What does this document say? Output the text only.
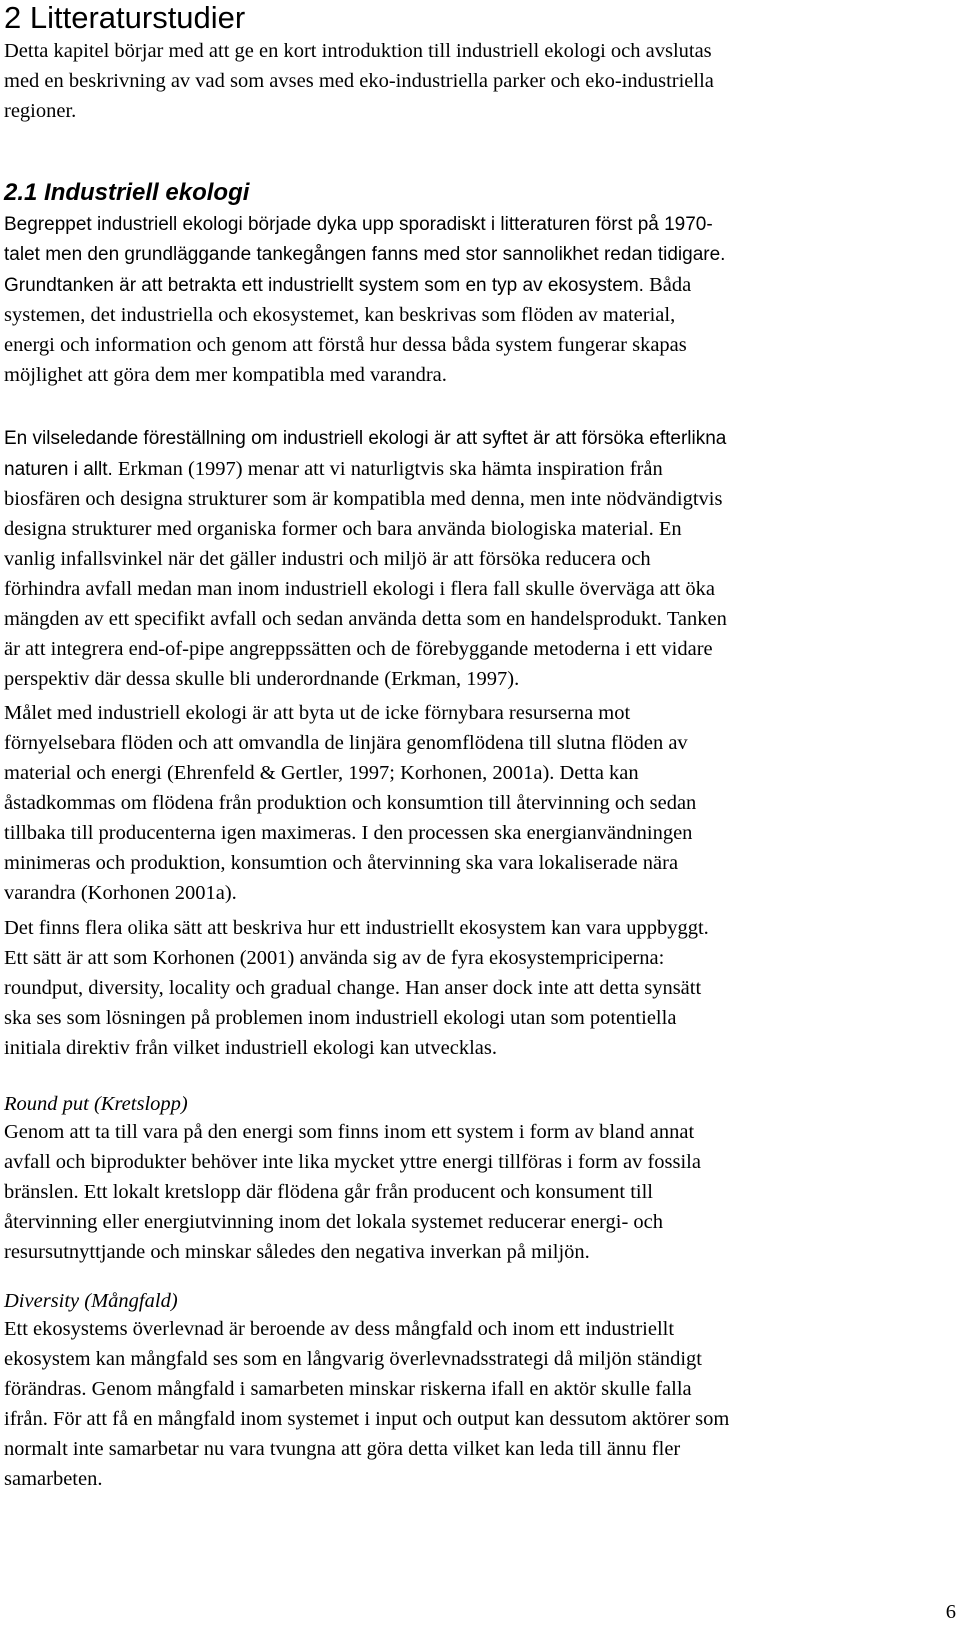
2 Litteraturstudier

Detta kapitel börjar med att ge en kort introduktion till industriell ekologi och avslutas
med en beskrivning av vad som avses med eko-industriella parker och eko-industriella
regioner.

2.1 Industriell ekologi

Begreppet industriell ekologi började dyka upp sporadiskt i litteraturen först på 1970-
talet men den grundläggande tankegången fanns med stor sannolikhet redan tidigare.
Grundtanken är att betrakta ett industriellt system som en typ av ekosystem. Båda

systemen, det industriella och ekosystemet, kan beskrivas som flöden av material,
energi och information och genom att förstå hur dessa båda system fungerar skapas
möjlighet att göra dem mer kompatibla med varandra.

En vilseledande föreställning om industriell ekologi är att syftet är att försöka efterlikna
naturen i allt. Erkman (1997) menar att vi naturligtvis ska hämta inspiration från

biosfären och designa strukturer som är kompatibla med denna, men inte nödvändigtvis
designa strukturer med organiska former och bara använda biologiska material. En
vanlig infallsvinkel när det gäller industri och miljö är att försöka reducera och
förhindra avfall medan man inom industriell ekologi i flera fall skulle överväga att öka
mängden av ett specifikt avfall och sedan använda detta som en handelsprodukt. Tanken
är att integrera end-of-pipe angreppssätten och de förebyggande metoderna i ett vidare
perspektiv där dessa skulle bli underordnande (Erkman, 1997).

Målet med industriell ekologi är att byta ut de icke förnybara resurserna mot
förnyelsebara flöden och att omvandla de linjära genomflödena till slutna flöden av
material och energi (Ehrenfeld & Gertler, 1997; Korhonen, 2001a). Detta kan
åstadkommas om flödena från produktion och konsumtion till återvinning och sedan
tillbaka till producenterna igen maximeras. I den processen ska energianvändningen
minimeras och produktion, konsumtion och återvinning ska vara lokaliserade nära
varandra (Korhonen 2001a).

Det finns flera olika sätt att beskriva hur ett industriellt ekosystem kan vara uppbyggt.
Ett sätt är att som Korhonen (2001) använda sig av de fyra ekosystempriciperna:
roundput, diversity, locality och gradual change. Han anser dock inte att detta synsätt
ska ses som lösningen på problemen inom industriell ekologi utan som potentiella
initiala direktiv från vilket industriell ekologi kan utvecklas.

Round put (Kretslopp)

Genom att ta till vara på den energi som finns inom ett system i form av bland annat
avfall och biprodukter behöver inte lika mycket yttre energi tillföras i form av fossila
bränslen. Ett lokalt kretslopp där flödena går från producent och konsument till
återvinning eller energiutvinning inom det lokala systemet reducerar energi- och
resursutnyttjande och minskar således den negativa inverkan på miljön.

Diversity (Mångfald)

Ett ekosystems överlevnad är beroende av dess mångfald och inom ett industriellt
ekosystem kan mångfald ses som en långvarig överlevnadsstrategi då miljön ständigt
förändras. Genom mångfald i samarbeten minskar riskerna ifall en aktör skulle falla
ifrån. För att få en mångfald inom systemet i input och output kan dessutom aktörer som
normalt inte samarbetar nu vara tvungna att göra detta vilket kan leda till ännu fler
samarbeten.

6
